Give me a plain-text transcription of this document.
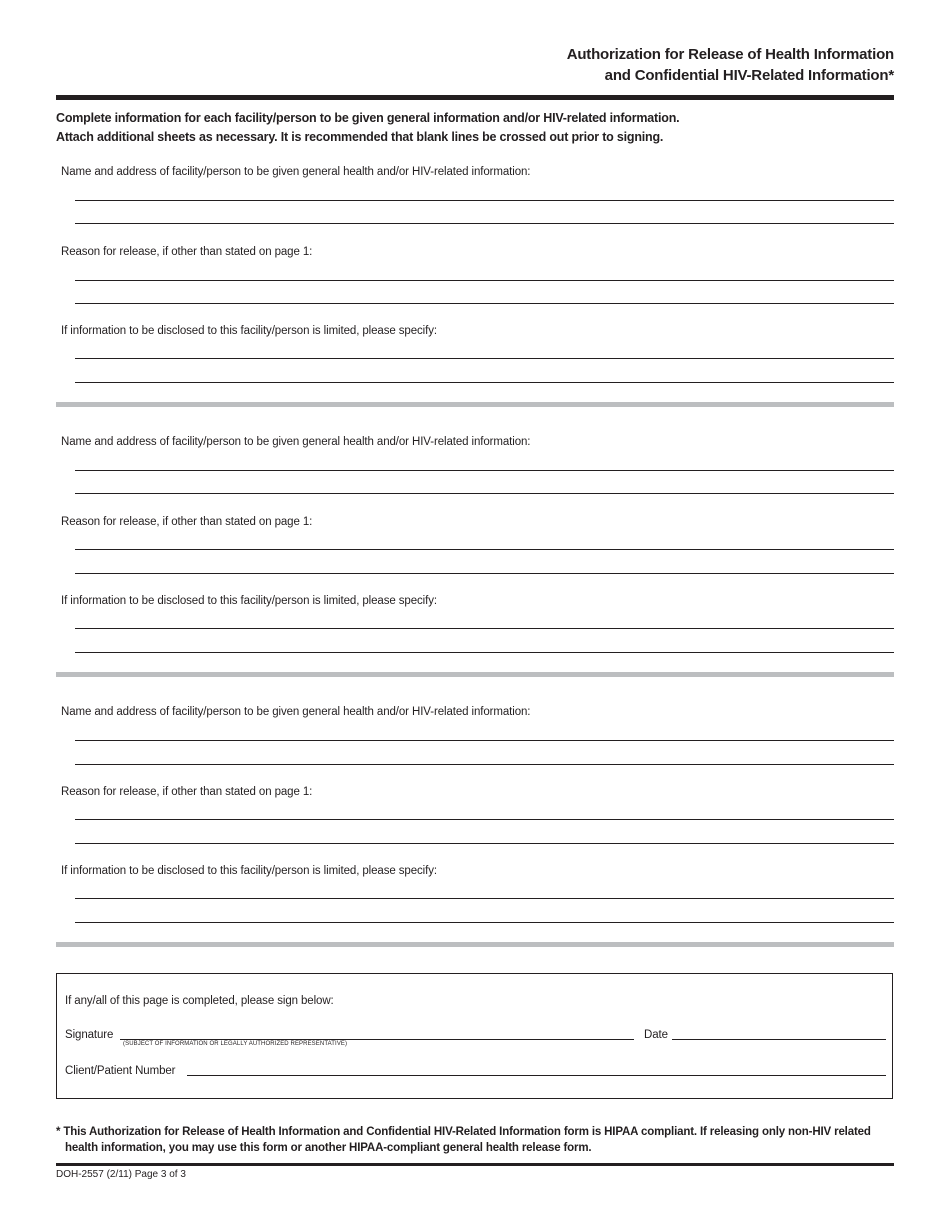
Authorization for Release of Health Information
and Confidential HIV-Related Information*
Complete information for each facility/person to be given general information and/or HIV-related information.
Attach additional sheets as necessary. It is recommended that blank lines be crossed out prior to signing.
Name and address of facility/person to be given general health and/or HIV-related information:
Reason for release, if other than stated on page 1:
If information to be disclosed to this facility/person is limited, please specify:
Name and address of facility/person to be given general health and/or HIV-related information:
Reason for release, if other than stated on page 1:
If information to be disclosed to this facility/person is limited, please specify:
Name and address of facility/person to be given general health and/or HIV-related information:
Reason for release, if other than stated on page 1:
If information to be disclosed to this facility/person is limited, please specify:
If any/all of this page is completed, please sign below:
Signature
(SUBJECT OF INFORMATION OR LEGALLY AUTHORIZED REPRESENTATIVE)
Date
Client/Patient Number
* This Authorization for Release of Health Information and Confidential HIV-Related Information form is HIPAA compliant. If releasing only non-HIV related
health information, you may use this form or another HIPAA-compliant general health release form.
DOH-2557 (2/11) Page 3 of 3
